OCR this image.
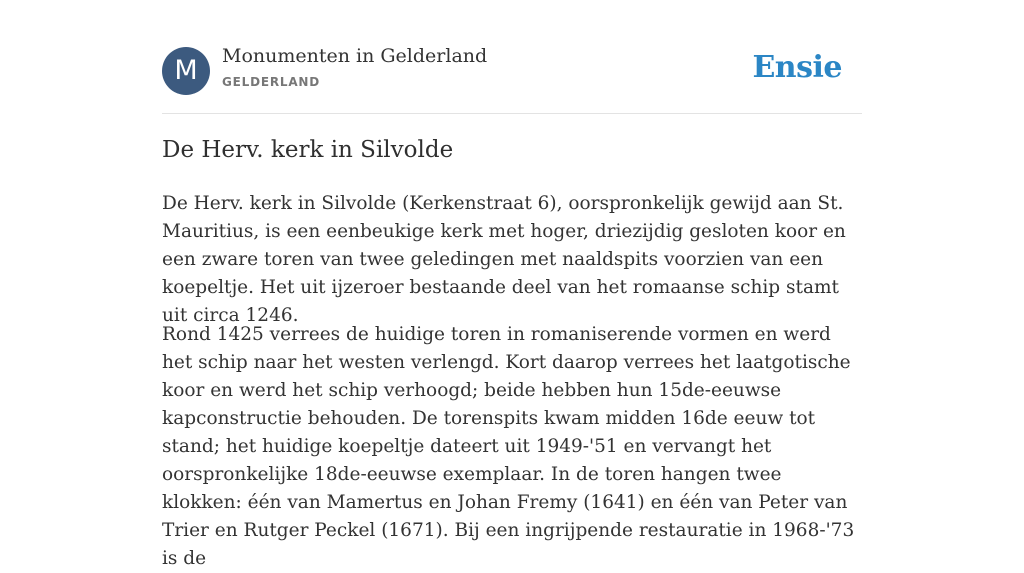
M	Monumenten in Gelderland
GELDERLAND	Ensie
De Herv. kerk in Silvolde

De Herv. kerk in Silvolde (Kerkenstraat 6), oorspronkelijk gewijd aan St. Mauritius, is een eenbeukige kerk met hoger, driezijdig gesloten koor en een zware toren van twee geledingen met naaldspits voorzien van een koepeltje. Het uit ijzeroer bestaande deel van het romaanse schip stamt uit circa 1246.

Rond 1425 verrees de huidige toren in romaniserende vormen en werd het schip naar het westen verlengd. Kort daarop verrees het laatgotische koor en werd het schip verhoogd; beide hebben hun 15de-eeuwse kapconstructie behouden. De torenspits kwam midden 16de eeuw tot stand; het huidige koepeltje dateert uit 1949-'51 en vervangt het oorspronkelijke 18de-eeuwse exemplaar. In de toren hangen twee klokken: één van Mamertus en Johan Fremy (1641) en één van Peter van Trier en Rutger Peckel (1671). Bij een ingrijpende restauratie in 1968-'73 is de
